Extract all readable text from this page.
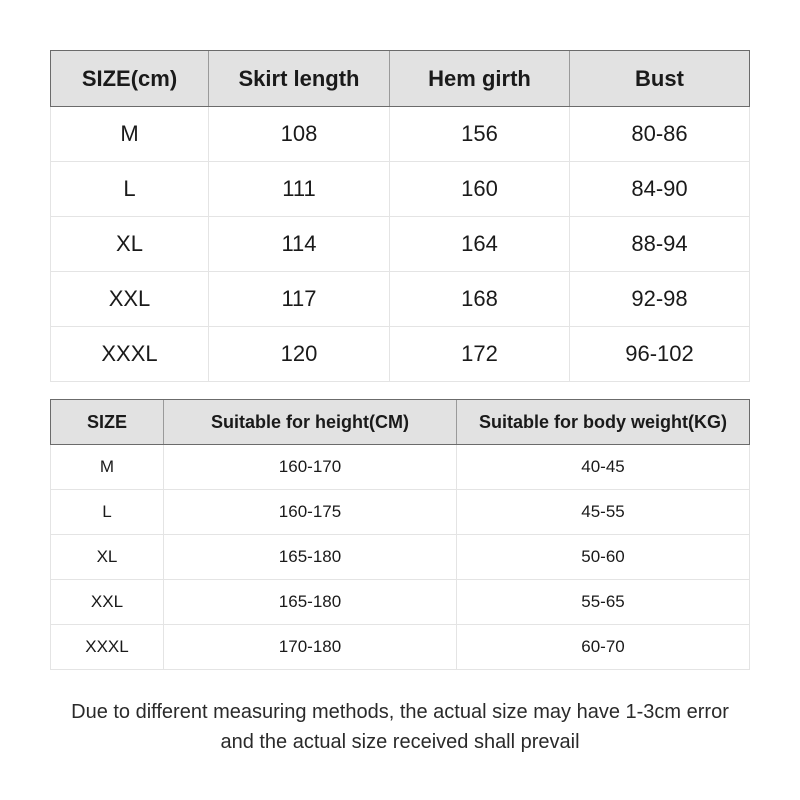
SIZE(cm)	Skirt length	Hem girth	Bust
M	108	156	80-86
L	111	160	84-90
XL	114	164	88-94
XXL	117	168	92-98
XXXL	120	172	96-102
SIZE	Suitable for height(CM)	Suitable for body weight(KG)
M	160-170	40-45
L	160-175	45-55
XL	165-180	50-60
XXL	165-180	55-65
XXXL	170-180	60-70

Due to different measuring methods, the actual size may have 1-3cm error

and the actual size received shall prevail
